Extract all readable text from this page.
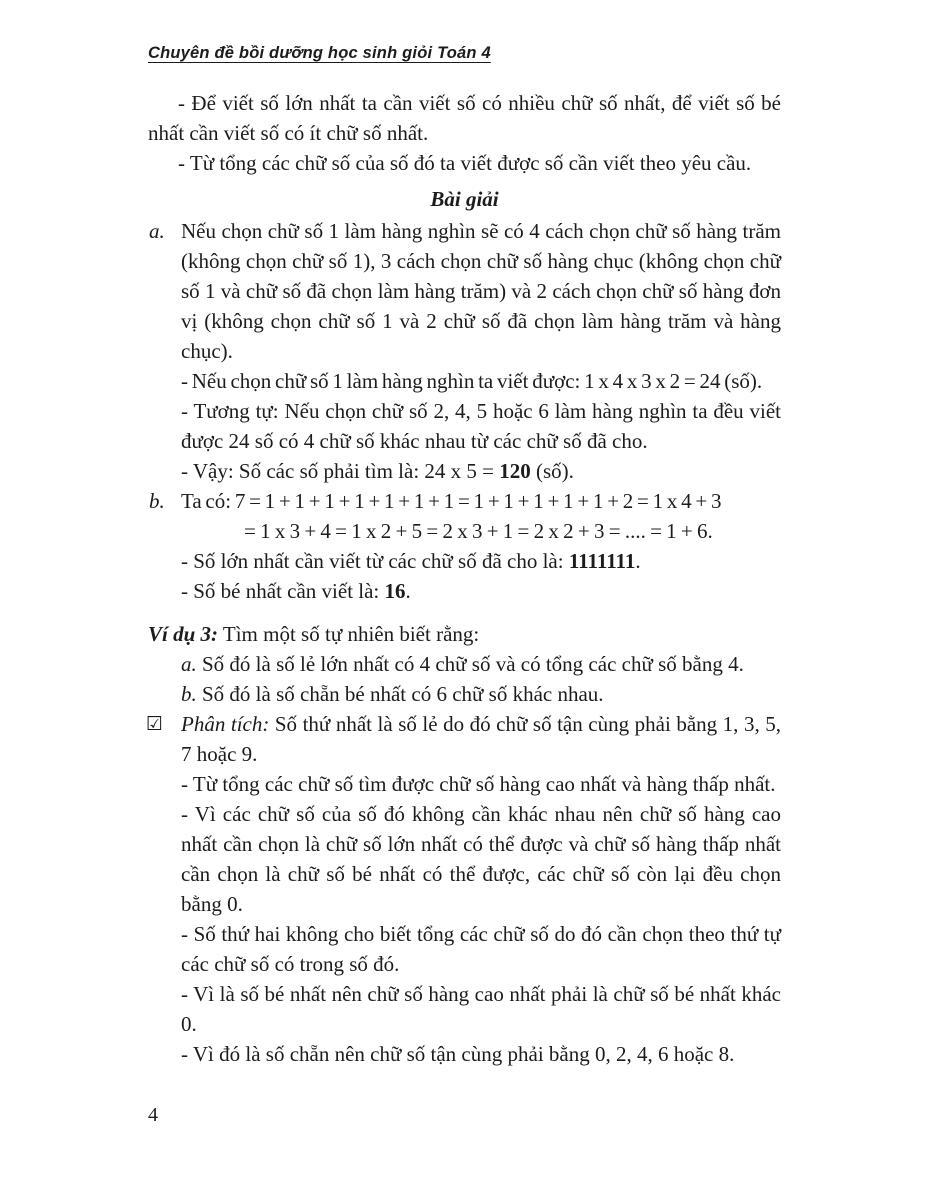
Chuyên đề bồi dưỡng học sinh giỏi Toán 4

- Để viết số lớn nhất ta cần viết số có nhiều chữ số nhất, để viết số bé nhất cần viết số có ít chữ số nhất.

- Từ tổng các chữ số của số đó ta viết được số cần viết theo yêu cầu.

Bài giải
a. Nếu chọn chữ số 1 làm hàng nghìn sẽ có 4 cách chọn chữ số hàng trăm (không chọn chữ số 1), 3 cách chọn chữ số hàng chục (không chọn chữ số 1 và chữ số đã chọn làm hàng trăm) và 2 cách chọn chữ số hàng đơn vị (không chọn chữ số 1 và 2 chữ số đã chọn làm hàng trăm và hàng chục).

- Nếu chọn chữ số 1 làm hàng nghìn ta viết được: 1 x 4 x 3 x 2 = 24 (số).

- Tương tự: Nếu chọn chữ số 2, 4, 5 hoặc 6 làm hàng nghìn ta đều viết được 24 số có 4 chữ số khác nhau từ các chữ số đã cho.

- Vậy: Số các số phải tìm là: 24 x 5 = 120 (số).

b. Ta có: 7 = 1 + 1 + 1 + 1 + 1 + 1 + 1 = 1 + 1 + 1 + 1 + 1 + 2 = 1 x 4 + 3

= 1 x 3 + 4 = 1 x 2 + 5 = 2 x 3 + 1 = 2 x 2 + 3 = .... = 1 + 6.

- Số lớn nhất cần viết từ các chữ số đã cho là: 1111111.

- Số bé nhất cần viết là: 16.

Ví dụ 3: Tìm một số tự nhiên biết rằng:

a. Số đó là số lẻ lớn nhất có 4 chữ số và có tổng các chữ số bằng 4.

b. Số đó là số chẵn bé nhất có 6 chữ số khác nhau.

☑ Phân tích: Số thứ nhất là số lẻ do đó chữ số tận cùng phải bằng 1, 3, 5, 7 hoặc 9.

- Từ tổng các chữ số tìm được chữ số hàng cao nhất và hàng thấp nhất.

- Vì các chữ số của số đó không cần khác nhau nên chữ số hàng cao nhất cần chọn là chữ số lớn nhất có thể được và chữ số hàng thấp nhất cần chọn là chữ số bé nhất có thể được, các chữ số còn lại đều chọn bằng 0.

- Số thứ hai không cho biết tổng các chữ số do đó cần chọn theo thứ tự các chữ số có trong số đó.

- Vì là số bé nhất nên chữ số hàng cao nhất phải là chữ số bé nhất khác 0.

- Vì đó là số chẵn nên chữ số tận cùng phải bằng 0, 2, 4, 6 hoặc 8.

4
